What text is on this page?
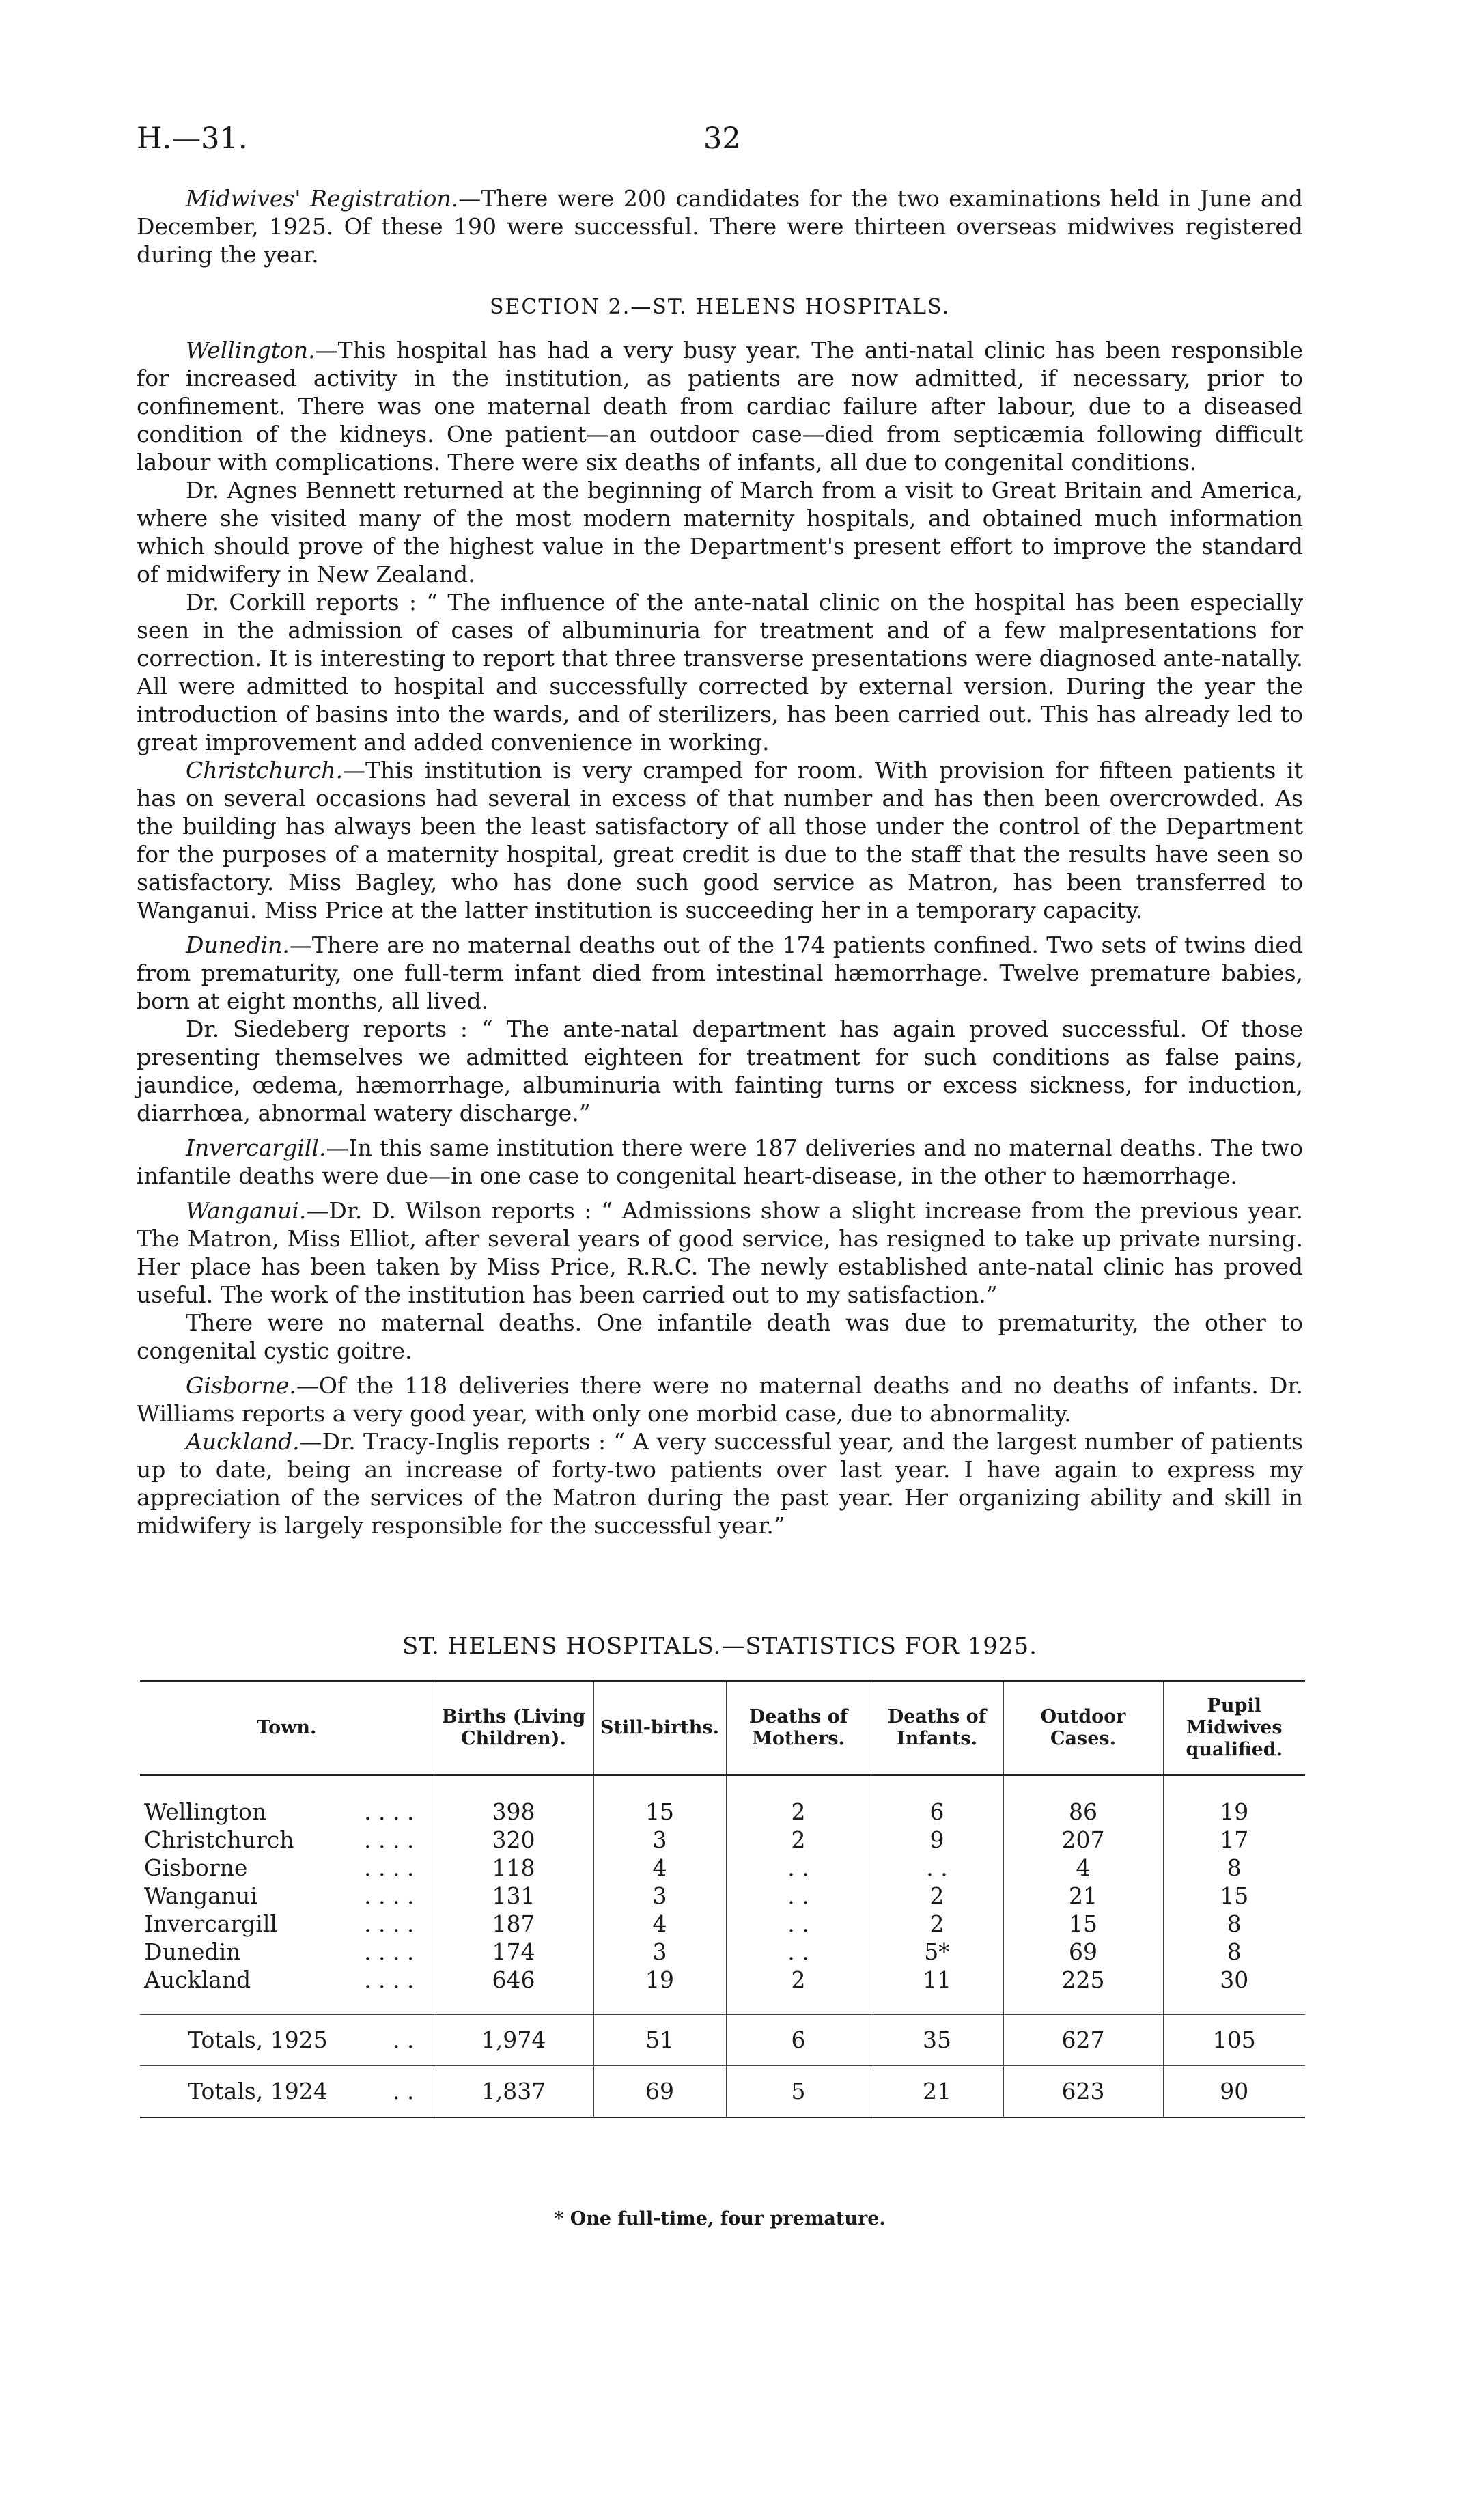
H.—31.	32

Midwives' Registration.—There were 200 candidates for the two examinations held in June and December, 1925. Of these 190 were successful. There were thirteen overseas midwives registered during the year.

SECTION 2.—ST. HELENS HOSPITALS.

Wellington.—This hospital has had a very busy year. The anti-natal clinic has been responsible for increased activity in the institution, as patients are now admitted, if necessary, prior to confinement. There was one maternal death from cardiac failure after labour, due to a diseased condition of the kidneys. One patient—an outdoor case—died from septicæmia following difficult labour with complications. There were six deaths of infants, all due to congenital conditions.

Dr. Agnes Bennett returned at the beginning of March from a visit to Great Britain and America, where she visited many of the most modern maternity hospitals, and obtained much information which should prove of the highest value in the Department's present effort to improve the standard of midwifery in New Zealand.

Dr. Corkill reports : “ The influence of the ante-natal clinic on the hospital has been especially seen in the admission of cases of albuminuria for treatment and of a few malpresentations for correction. It is interesting to report that three transverse presentations were diagnosed ante-natally. All were admitted to hospital and successfully corrected by external version. During the year the introduction of basins into the wards, and of sterilizers, has been carried out. This has already led to great improvement and added convenience in working.

Christchurch.—This institution is very cramped for room. With provision for fifteen patients it has on several occasions had several in excess of that number and has then been overcrowded. As the building has always been the least satisfactory of all those under the control of the Department for the purposes of a maternity hospital, great credit is due to the staff that the results have seen so satisfactory. Miss Bagley, who has done such good service as Matron, has been transferred to Wanganui. Miss Price at the latter institution is succeeding her in a temporary capacity.

Dunedin.—There are no maternal deaths out of the 174 patients confined. Two sets of twins died from prematurity, one full-term infant died from intestinal hæmorrhage. Twelve premature babies, born at eight months, all lived.

Dr. Siedeberg reports : “ The ante-natal department has again proved successful. Of those presenting themselves we admitted eighteen for treatment for such conditions as false pains, jaundice, œdema, hæmorrhage, albuminuria with fainting turns or excess sickness, for induction, diarrhœa, abnormal watery discharge.”

Invercargill.—In this same institution there were 187 deliveries and no maternal deaths. The two infantile deaths were due—in one case to congenital heart-disease, in the other to hæmorrhage.

Wanganui.—Dr. D. Wilson reports : “ Admissions show a slight increase from the previous year. The Matron, Miss Elliot, after several years of good service, has resigned to take up private nursing. Her place has been taken by Miss Price, R.R.C. The newly established ante-natal clinic has proved useful. The work of the institution has been carried out to my satisfaction.”

There were no maternal deaths. One infantile death was due to prematurity, the other to congenital cystic goitre.

Gisborne.—Of the 118 deliveries there were no maternal deaths and no deaths of infants. Dr. Williams reports a very good year, with only one morbid case, due to abnormality.

Auckland.—Dr. Tracy-Inglis reports : “ A very successful year, and the largest number of patients up to date, being an increase of forty-two patients over last year. I have again to express my appreciation of the services of the Matron during the past year. Her organizing ability and skill in midwifery is largely responsible for the successful year.”

ST. HELENS HOSPITALS.—STATISTICS FOR 1925.
Town.	Births (Living Children).	Still-births.	Deaths of Mothers.	Deaths of Infants.	Outdoor Cases.	Pupil Midwives qualified.

Wellington . . . .	398	15	2	6	86	19

Christchurch . . . .	320	3	2	9	207	17

Gisborne . . . .	118	4	. .	. .	4	8

Wanganui . . . .	131	3	. .	2	21	15

Invercargill . . . .	187	4	. .	2	15	8

Dunedin . . . .	174	3	. .	5*	69	8

Auckland . . . .	646	19	2	11	225	30

Totals, 1925 . .	1,974	51	6	35	627	105

Totals, 1924 . .	1,837	69	5	21	623	90
* One full-time, four premature.
